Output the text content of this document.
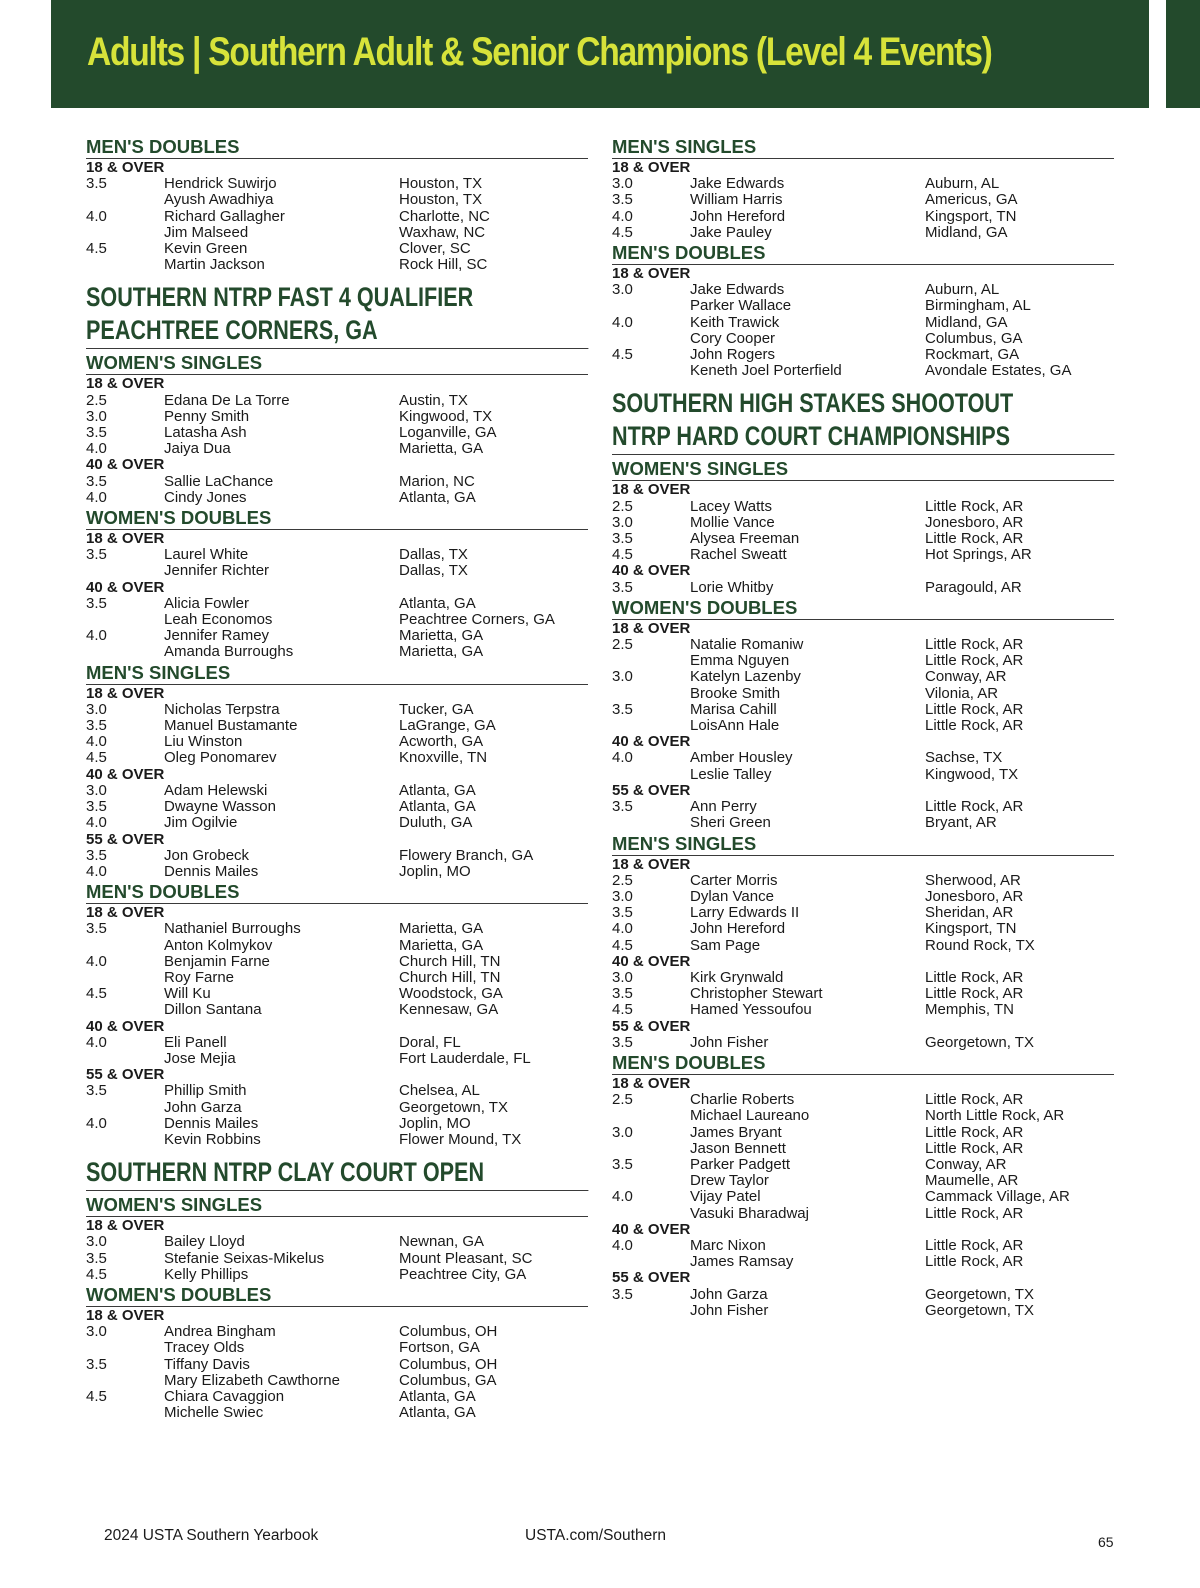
Adults | Southern Adult & Senior Champions (Level 4 Events)
MEN'S DOUBLES
18 & OVER
3.5	Hendrick Suwirjo	Houston, TX
Ayush Awadhiya	Houston, TX
4.0	Richard Gallagher	Charlotte, NC
Jim Malseed	Waxhaw, NC
4.5	Kevin Green	Clover, SC
Martin Jackson	Rock Hill, SC
SOUTHERN NTRP FAST 4 QUALIFIER
PEACHTREE CORNERS, GA
WOMEN'S SINGLES
18 & OVER
2.5	Edana De La Torre	Austin, TX
3.0	Penny Smith	Kingwood, TX
3.5	Latasha Ash	Loganville, GA
4.0	Jaiya Dua	Marietta, GA
40 & OVER
3.5	Sallie LaChance	Marion, NC
4.0	Cindy Jones	Atlanta, GA
WOMEN'S DOUBLES
18 & OVER
3.5	Laurel White	Dallas, TX
Jennifer Richter	Dallas, TX
40 & OVER
3.5	Alicia Fowler	Atlanta, GA
Leah Economos	Peachtree Corners, GA
4.0	Jennifer Ramey	Marietta, GA
Amanda Burroughs	Marietta, GA
MEN'S SINGLES
18 & OVER
3.0	Nicholas Terpstra	Tucker, GA
3.5	Manuel Bustamante	LaGrange, GA
4.0	Liu Winston	Acworth, GA
4.5	Oleg Ponomarev	Knoxville, TN
40 & OVER
3.0	Adam Helewski	Atlanta, GA
3.5	Dwayne Wasson	Atlanta, GA
4.0	Jim Ogilvie	Duluth, GA
55 & OVER
3.5	Jon Grobeck	Flowery Branch, GA
4.0	Dennis Mailes	Joplin, MO
MEN'S DOUBLES
18 & OVER
3.5	Nathaniel Burroughs	Marietta, GA
Anton Kolmykov	Marietta, GA
4.0	Benjamin Farne	Church Hill, TN
Roy Farne	Church Hill, TN
4.5	Will Ku	Woodstock, GA
Dillon Santana	Kennesaw, GA
40 & OVER
4.0	Eli Panell	Doral, FL
Jose Mejia	Fort Lauderdale, FL
55 & OVER
3.5	Phillip Smith	Chelsea, AL
John Garza	Georgetown, TX
4.0	Dennis Mailes	Joplin, MO
Kevin Robbins	Flower Mound, TX
SOUTHERN NTRP CLAY COURT OPEN
WOMEN'S SINGLES
18 & OVER
3.0	Bailey Lloyd	Newnan, GA
3.5	Stefanie Seixas-Mikelus	Mount Pleasant, SC
4.5	Kelly Phillips	Peachtree City, GA
WOMEN'S DOUBLES
18 & OVER
3.0	Andrea Bingham	Columbus, OH
Tracey Olds	Fortson, GA
3.5	Tiffany Davis	Columbus, OH
Mary Elizabeth Cawthorne	Columbus, GA
4.5	Chiara Cavaggion	Atlanta, GA
Michelle Swiec	Atlanta, GA
MEN'S SINGLES
18 & OVER
3.0	Jake Edwards	Auburn, AL
3.5	William Harris	Americus, GA
4.0	John Hereford	Kingsport, TN
4.5	Jake Pauley	Midland, GA
MEN'S DOUBLES
18 & OVER
3.0	Jake Edwards	Auburn, AL
Parker Wallace	Birmingham, AL
4.0	Keith Trawick	Midland, GA
Cory Cooper	Columbus, GA
4.5	John Rogers	Rockmart, GA
Keneth Joel Porterfield	Avondale Estates, GA
SOUTHERN HIGH STAKES SHOOTOUT
NTRP HARD COURT CHAMPIONSHIPS
WOMEN'S SINGLES
18 & OVER
2.5	Lacey Watts	Little Rock, AR
3.0	Mollie Vance	Jonesboro, AR
3.5	Alysea Freeman	Little Rock, AR
4.5	Rachel Sweatt	Hot Springs, AR
40 & OVER
3.5	Lorie Whitby	Paragould, AR
WOMEN'S DOUBLES
18 & OVER
2.5	Natalie Romaniw	Little Rock, AR
Emma Nguyen	Little Rock, AR
3.0	Katelyn Lazenby	Conway, AR
Brooke Smith	Vilonia, AR
3.5	Marisa Cahill	Little Rock, AR
LoisAnn Hale	Little Rock, AR
40 & OVER
4.0	Amber Housley	Sachse, TX
Leslie Talley	Kingwood, TX
55 & OVER
3.5	Ann Perry	Little Rock, AR
Sheri Green	Bryant, AR
MEN'S SINGLES
18 & OVER
2.5	Carter Morris	Sherwood, AR
3.0	Dylan Vance	Jonesboro, AR
3.5	Larry Edwards II	Sheridan, AR
4.0	John Hereford	Kingsport, TN
4.5	Sam Page	Round Rock, TX
40 & OVER
3.0	Kirk Grynwald	Little Rock, AR
3.5	Christopher Stewart	Little Rock, AR
4.5	Hamed Yessoufou	Memphis, TN
55 & OVER
3.5	John Fisher	Georgetown, TX
MEN'S DOUBLES
18 & OVER
2.5	Charlie Roberts	Little Rock, AR
Michael Laureano	North Little Rock, AR
3.0	James Bryant	Little Rock, AR
Jason Bennett	Little Rock, AR
3.5	Parker Padgett	Conway, AR
Drew Taylor	Maumelle, AR
4.0	Vijay Patel	Cammack Village, AR
Vasuki Bharadwaj	Little Rock, AR
40 & OVER
4.0	Marc Nixon	Little Rock, AR
James Ramsay	Little Rock, AR
55 & OVER
3.5	John Garza	Georgetown, TX
John Fisher	Georgetown, TX
2024 USTA Southern Yearbook	USTA.com/Southern	65
